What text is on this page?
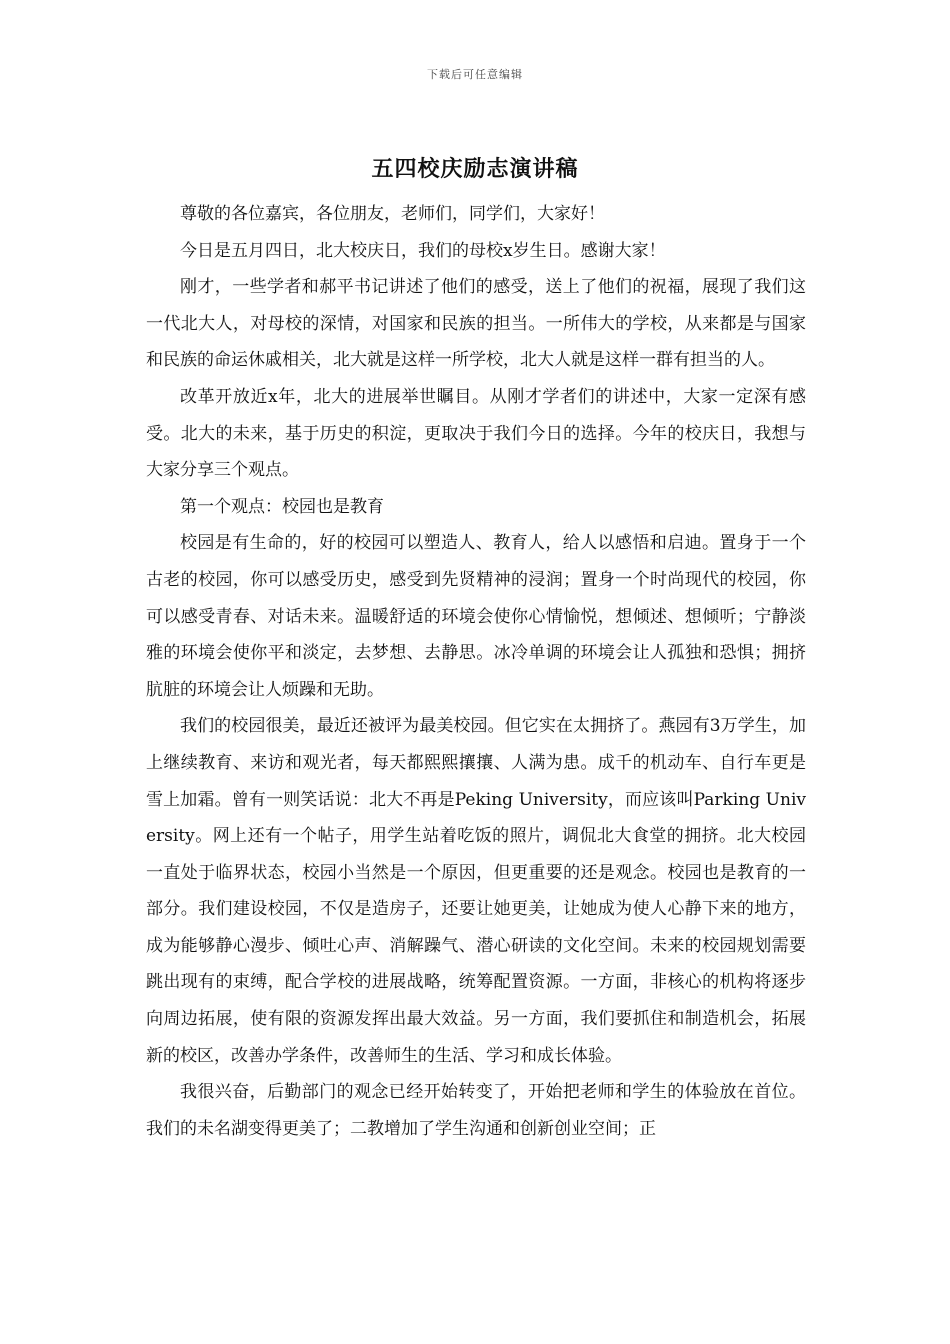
下载后可任意编辑
五四校庆励志演讲稿

尊敬的各位嘉宾，各位朋友，老师们，同学们，大家好！

今日是五月四日，北大校庆日，我们的母校x岁生日。感谢大家！

刚才，一些学者和郝平书记讲述了他们的感受，送上了他们的祝福，展现了我们这一代北大人，对母校的深情，对国家和民族的担当。一所伟大的学校，从来都是与国家和民族的命运休戚相关，北大就是这样一所学校，北大人就是这样一群有担当的人。

改革开放近x年，北大的进展举世瞩目。从刚才学者们的讲述中，大家一定深有感受。北大的未来，基于历史的积淀，更取决于我们今日的选择。今年的校庆日，我想与大家分享三个观点。

第一个观点：校园也是教育

校园是有生命的，好的校园可以塑造人、教育人，给人以感悟和启迪。置身于一个古老的校园，你可以感受历史，感受到先贤精神的浸润；置身一个时尚现代的校园，你可以感受青春、对话未来。温暖舒适的环境会使你心情愉悦，想倾述、想倾听；宁静淡雅的环境会使你平和淡定，去梦想、去静思。冰冷单调的环境会让人孤独和恐惧；拥挤肮脏的环境会让人烦躁和无助。

我们的校园很美，最近还被评为最美校园。但它实在太拥挤了。燕园有3万学生，加上继续教育、来访和观光者，每天都熙熙攘攘、人满为患。成千的机动车、自行车更是雪上加霜。曾有一则笑话说：北大不再是Peking University，而应该叫Parking University。网上还有一个帖子，用学生站着吃饭的照片，调侃北大食堂的拥挤。北大校园一直处于临界状态，校园小当然是一个原因，但更重要的还是观念。校园也是教育的一部分。我们建设校园，不仅是造房子，还要让她更美，让她成为使人心静下来的地方，成为能够静心漫步、倾吐心声、消解躁气、潜心研读的文化空间。未来的校园规划需要跳出现有的束缚，配合学校的进展战略，统筹配置资源。一方面，非核心的机构将逐步向周边拓展，使有限的资源发挥出最大效益。另一方面，我们要抓住和制造机会，拓展新的校区，改善办学条件，改善师生的生活、学习和成长体验。

我很兴奋，后勤部门的观念已经开始转变了，开始把老师和学生的体验放在首位。我们的未名湖变得更美了；二教增加了学生沟通和创新创业空间；正
